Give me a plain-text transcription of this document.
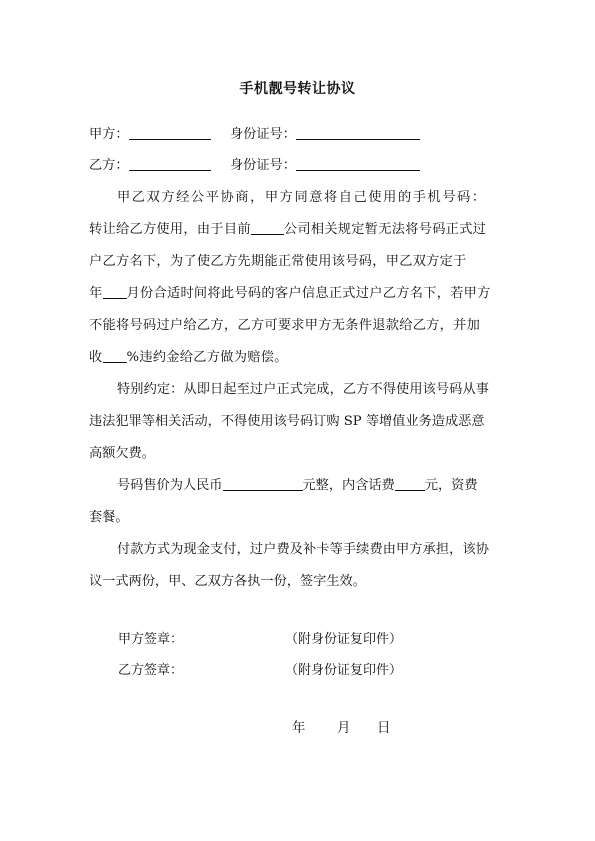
手机靓号转让协议
甲方：	身份证号：
乙方：	身份证号：
甲乙双方经公平协商，甲方同意将自己使用的手机号码：
转让给乙方使用，由于目前	公司相关规定暂无法将号码正式过
户乙方名下，为了使乙方先期能正常使用该号码，甲乙双方定于
年 月份合适时间将此号码的客户信息正式过户乙方名下，若甲方
不能将号码过户给乙方，乙方可要求甲方无条件退款给乙方，并加
收 %违约金给乙方做为赔偿。
特别约定：从即日起至过户正式完成，乙方不得使用该号码从事
违法犯罪等相关活动，不得使用该号码订购 SP 等增值业务造成恶意
高额欠费。
号码售价为人民币	元整，内含话费 元，资费
套餐。
付款方式为现金支付，过户费及补卡等手续费由甲方承担，该协
议一式两份，甲、乙双方各执一份，签字生效。
甲方签章：	（附身份证复印件）
乙方签章：	（附身份证复印件）
年 月 日
